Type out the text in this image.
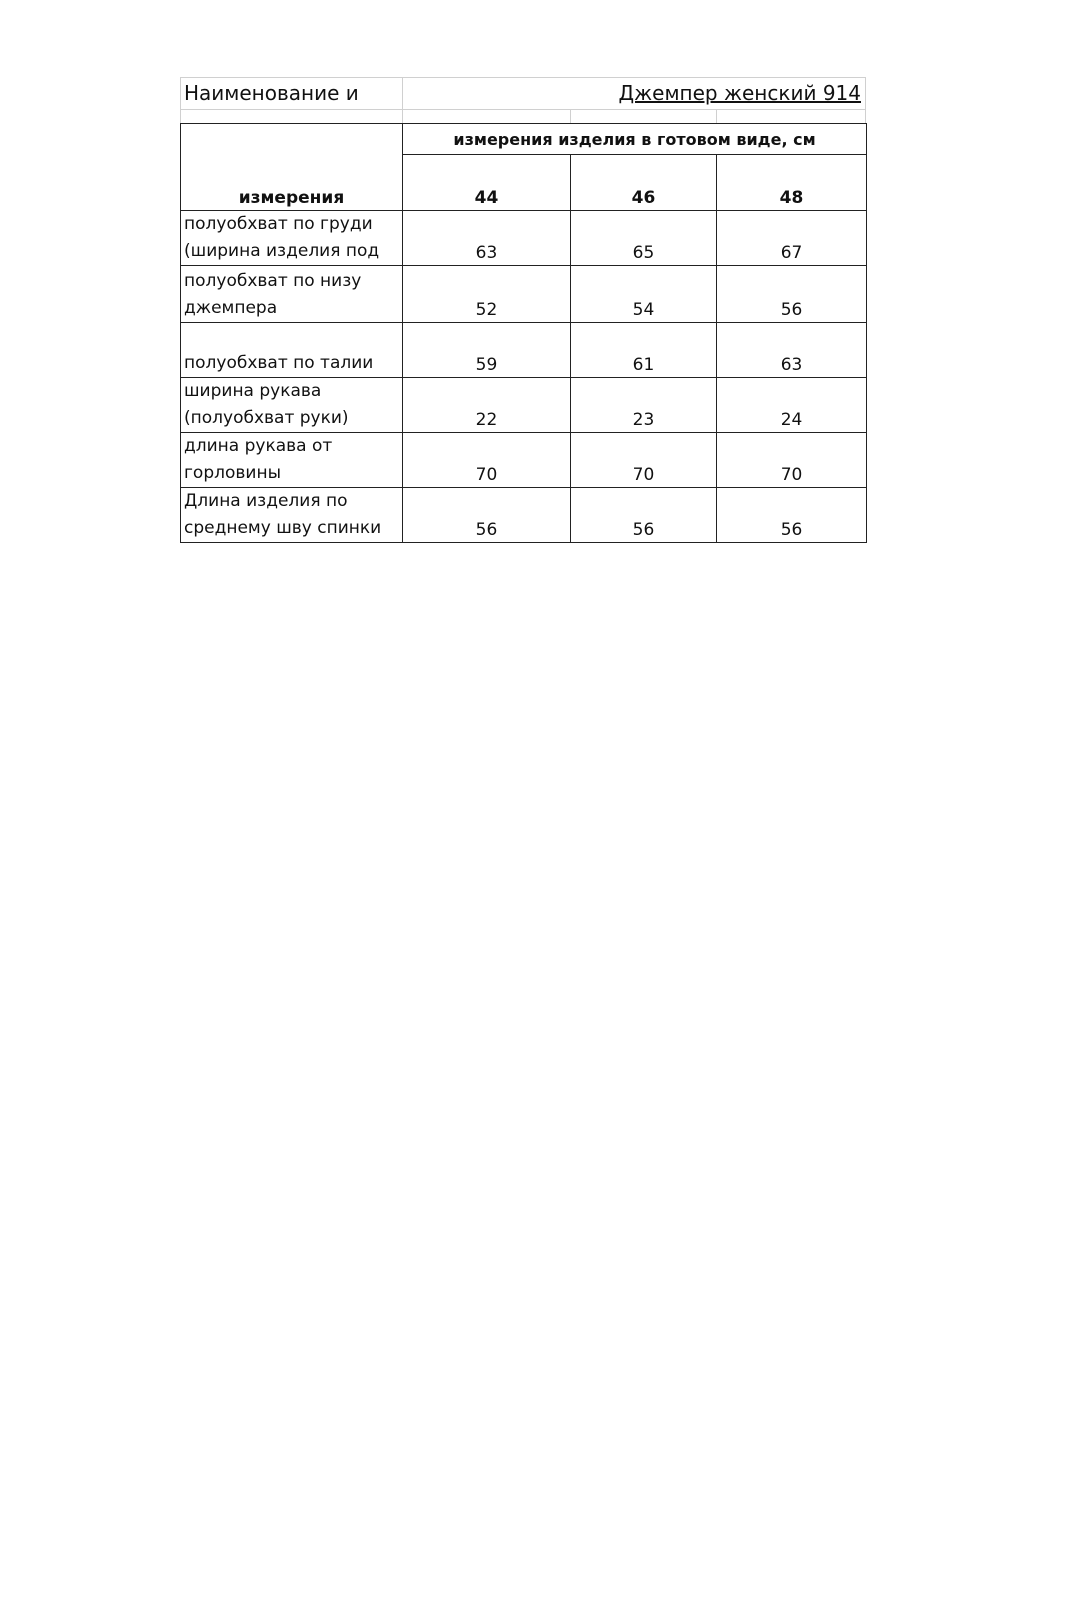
Наименование и	Джемпер женский 914
измерения	измерения изделия в готовом виде, см		
	44	46	48

полуобхват по груди
(ширина изделия под	63	65	67

полуобхват по низу
джемпера	52	54	56

полуобхват по талии	59	61	63

ширина рукава
(полуобхват руки)	22	23	24

длина рукава от
горловины	70	70	70

Длина изделия по
среднему шву спинки	56	56	56
